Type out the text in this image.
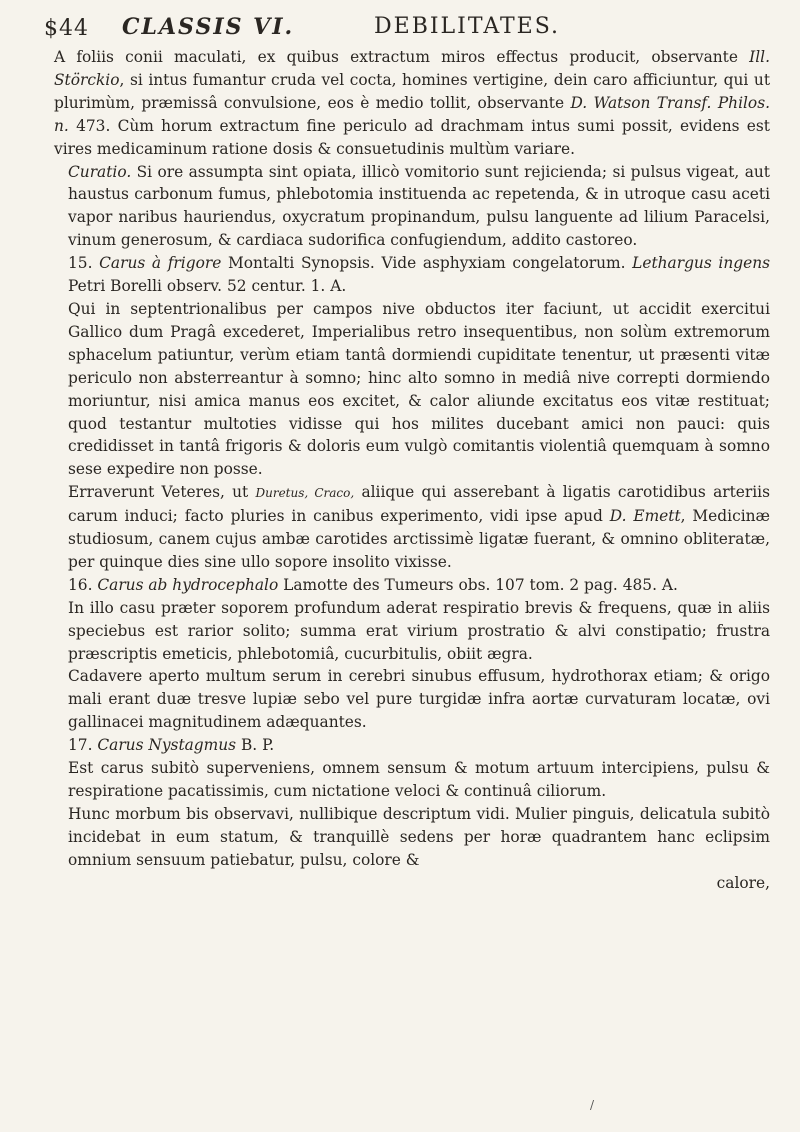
$44 CLASSIS VI.	DEBILITATES.

A foliis conii maculati, ex quibus extractum miros effectus producit, observante Ill. Störckio, si intus fumantur cruda vel cocta, homines vertigine, dein caro afficiuntur, qui ut plurimùm, præmissâ convulsione, eos è medio tollit, observante D. Watson Transf. Philos. n. 473. Cùm horum extractum fine periculo ad drachmam intus sumi possit, evidens est vires medicaminum ratione dosis & consuetudinis multùm variare.

Curatio. Si ore assumpta sint opiata, illicò vomitorio sunt rejicienda; si pulsus vigeat, aut haustus carbonum fumus, phlebotomia instituenda ac repetenda, & in utroque casu aceti vapor naribus hauriendus, oxycratum propinandum, pulsu languente ad lilium Paracelsi, vinum generosum, & cardiaca sudorifica confugiendum, addito castoreo.

15. Carus à frigore Montalti Synopsis. Vide asphyxiam congelatorum. Lethargus ingens Petri Borelli observ. 52 centur. 1. A.

Qui in septentrionalibus per campos nive obductos iter faciunt, ut accidit exercitui Gallico dum Pragâ excederet, Imperialibus retro insequentibus, non solùm extremorum sphacelum patiuntur, verùm etiam tantâ dormiendi cupiditate tenentur, ut præsenti vitæ periculo non absterreantur à somno; hinc alto somno in mediâ nive correpti dormiendo moriuntur, nisi amica manus eos excitet, & calor aliunde excitatus eos vitæ restituat; quod testantur multoties vidisse qui hos milites ducebant amici non pauci: quis credidisset in tantâ frigoris & doloris eum vulgò comitantis violentiâ quemquam à somno sese expedire non posse.

Erraverunt Veteres, ut Duretus, Craco, aliique qui asserebant à ligatis carotidibus arteriis carum induci; facto pluries in canibus experimento, vidi ipse apud D. Emett, Medicinæ studiosum, canem cujus ambæ carotides arctissimè ligatæ fuerant, & omnino obliteratæ, per quinque dies sine ullo sopore insolito vixisse.

16. Carus ab hydrocephalo Lamotte des Tumeurs obs. 107 tom. 2 pag. 485. A.

In illo casu præter soporem profundum aderat respiratio brevis & frequens, quæ in aliis speciebus est rarior solito; summa erat virium prostratio & alvi constipatio; frustra præscriptis emeticis, phlebotomiâ, cucurbitulis, obiit ægra.

Cadavere aperto multum serum in cerebri sinubus effusum, hydrothorax etiam; & origo mali erant duæ tresve lupiæ sebo vel pure turgidæ infra aortæ curvaturam locatæ, ovi gallinacei magnitudinem adæquantes.

17. Carus Nystagmus B. P.

Est carus subitò superveniens, omnem sensum & motum artuum intercipiens, pulsu & respiratione pacatissimis, cum nictatione veloci & continuâ ciliorum.

Hunc morbum bis observavi, nullibique descriptum vidi. Mulier pinguis, delicatula subitò incidebat in eum statum, & tranquillè sedens per horæ quadrantem hanc eclipsim omnium sensuum patiebatur, pulsu, colore &

calore,

/
